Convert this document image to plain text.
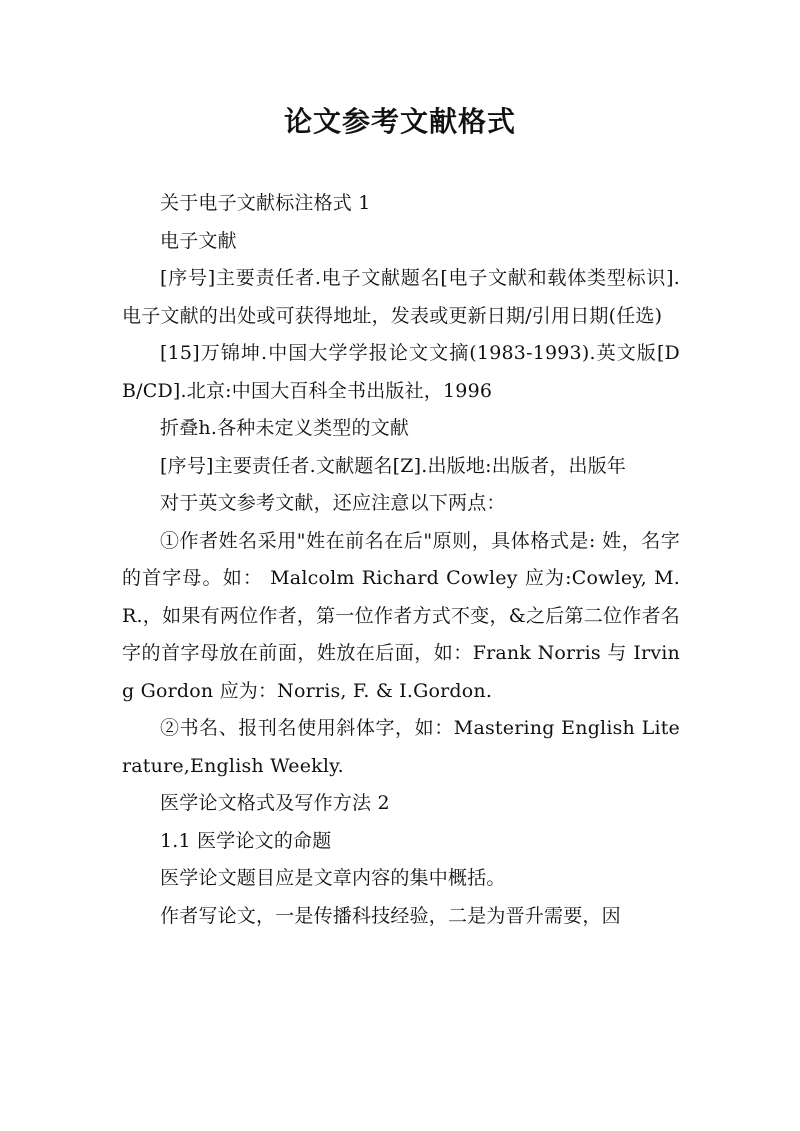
论文参考文献格式

关于电子文献标注格式 1

电子文献

[序号]主要责任者.电子文献题名[电子文献和载体类型标识].电子文献的出处或可获得地址，发表或更新日期/引用日期(任选)

[15]万锦坤.中国大学学报论文文摘(1983-1993).英文版[DB/CD].北京:中国大百科全书出版社，1996

折叠h.各种未定义类型的文献

[序号]主要责任者.文献题名[Z].出版地:出版者，出版年

对于英文参考文献，还应注意以下两点：

①作者姓名采用"姓在前名在后"原则，具体格式是: 姓，名字的首字母。如： Malcolm Richard Cowley 应为:Cowley, M.R.，如果有两位作者，第一位作者方式不变，&之后第二位作者名字的首字母放在前面，姓放在后面，如：Frank Norris 与 Irving Gordon 应为：Norris, F. & I.Gordon.

②书名、报刊名使用斜体字，如：Mastering English Literature,English Weekly.

医学论文格式及写作方法 2

1.1 医学论文的命题

医学论文题目应是文章内容的集中概括。

作者写论文，一是传播科技经验，二是为晋升需要，因
